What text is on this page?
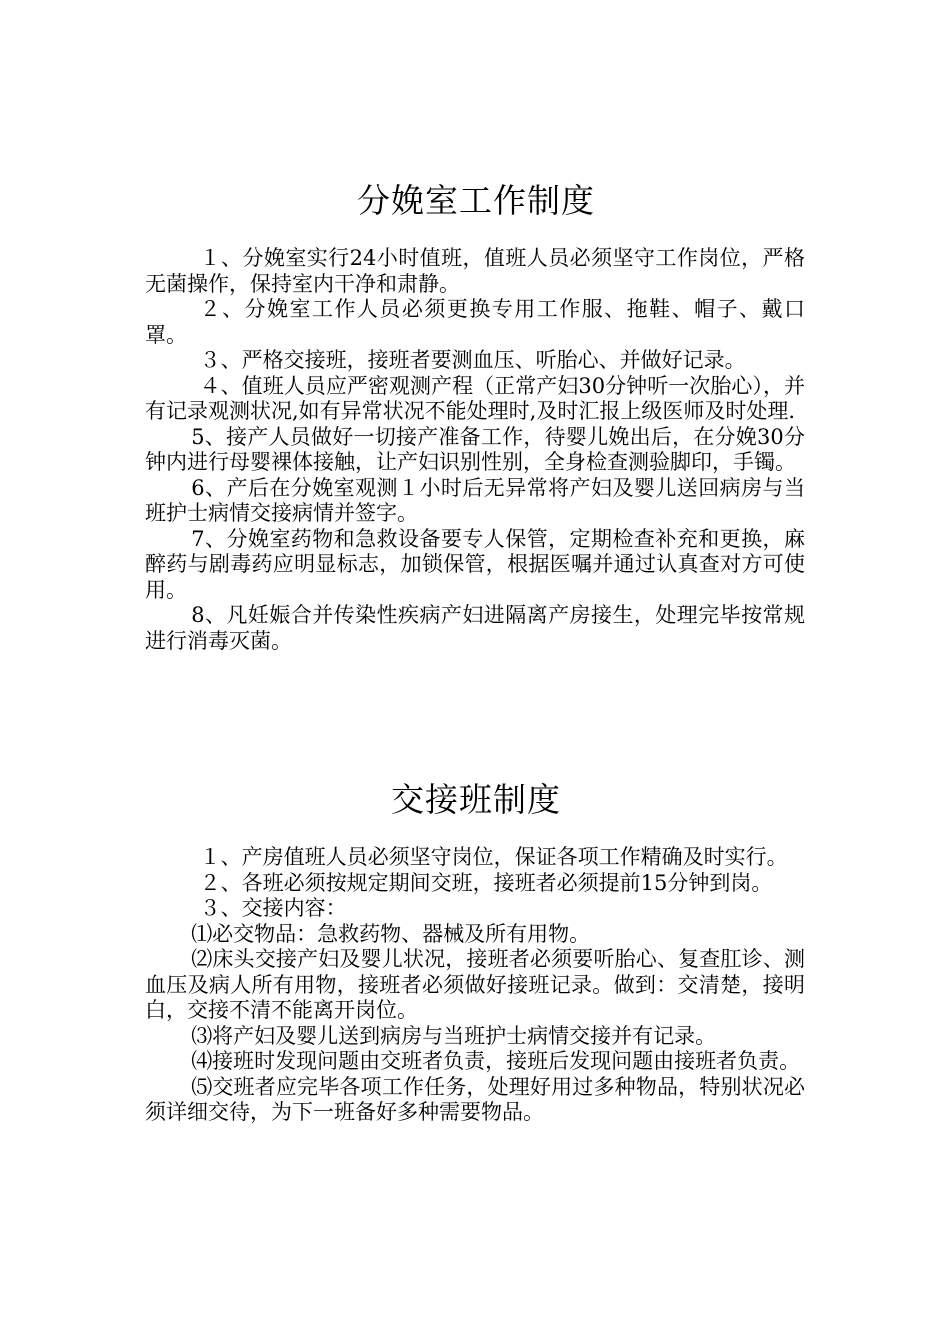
分娩室工作制度

１、分娩室实行24小时值班，值班人员必须坚守工作岗位，严格无菌操作，保持室内干净和肃静。

２、分娩室工作人员必须更换专用工作服、拖鞋、帽子、戴口罩。

３、严格交接班，接班者要测血压、听胎心、并做好记录。

４、值班人员应严密观测产程（正常产妇30分钟听一次胎心），并有记录观测状况,如有异常状况不能处理时,及时汇报上级医师及时处理.

5、接产人员做好一切接产准备工作，待婴儿娩出后，在分娩30分钟内进行母婴裸体接触，让产妇识别性别，全身检查测验脚印，手镯。

6、产后在分娩室观测１小时后无异常将产妇及婴儿送回病房与当班护士病情交接病情并签字。

7、分娩室药物和急救设备要专人保管，定期检查补充和更换，麻醉药与剧毒药应明显标志，加锁保管，根据医嘱并通过认真查对方可使用。

8、凡妊娠合并传染性疾病产妇进隔离产房接生，处理完毕按常规进行消毒灭菌。

交接班制度

１、产房值班人员必须坚守岗位，保证各项工作精确及时实行。

２、各班必须按规定期间交班，接班者必须提前15分钟到岗。

３、交接内容：

⑴必交物品：急救药物、器械及所有用物。

⑵床头交接产妇及婴儿状况，接班者必须要听胎心、复查肛诊、测血压及病人所有用物，接班者必须做好接班记录。做到：交清楚，接明白，交接不清不能离开岗位。

⑶将产妇及婴儿送到病房与当班护士病情交接并有记录。

⑷接班时发现问题由交班者负责，接班后发现问题由接班者负责。

⑸交班者应完毕各项工作任务，处理好用过多种物品，特别状况必须详细交待，为下一班备好多种需要物品。
